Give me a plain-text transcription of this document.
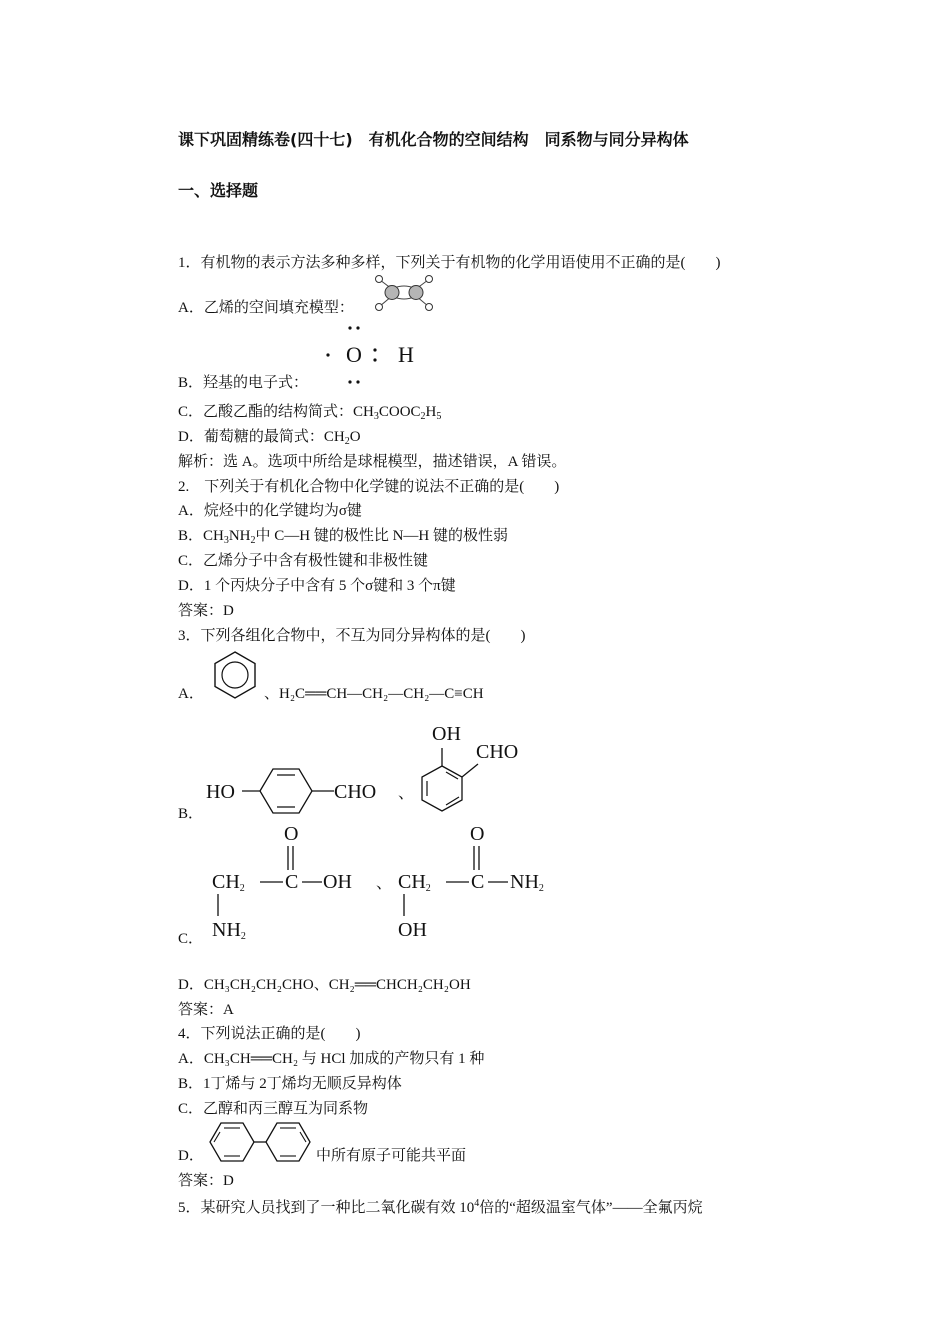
课下巩固精练卷(四十七)　有机化合物的空间结构　同系物与同分异构体
一、选择题
1．有机物的表示方法多种多样，下列关于有机物的化学用语使用不正确的是(　　)
A．乙烯的空间填充模型：
O H
B．羟基的电子式：
C．乙酸乙酯的结构简式：$CH_3COOC_2H_5$
D．葡萄糖的最简式：$CH_2O$
解析：选 A。选项中所给是球棍模型，描述错误，A 错误。
2.　下列关于有机化合物中化学键的说法不正确的是(　　)
A．烷烃中的化学键均为σ键
B．$CH_3NH_2$中 C—H 键的极性比 N—H 键的极性弱
C．乙烯分子中含有极性键和非极性键
D．1 个丙炔分子中含有 5 个σ键和 3 个π键
答案：D
3．下列各组化合物中，不互为同分异构体的是(　　)
A．	、H₂C══CH—CH₂—CH₂—C≡CH
B．
HO	CHO 、
OH
CHO
C．
O
$CH_2$ C OH
$NH_2$
、
O
$CH_2$ C $NH_2$
OH
D．CH₃CH₂CH₂CHO、CH₂══CHCH₂CH₂OH
答案：A
4．下列说法正确的是(　　)
A．CH₃CH══CH₂ 与 HCl 加成的产物只有 1 种
B．1丁烯与 2丁烯均无顺反异构体
C．乙醇和丙三醇互为同系物
D．	中所有原子可能共平面
答案：D
5．某研究人员找到了一种比二氧化碳有效 $10^4$倍的“超级温室气体”——全氟丙烷
